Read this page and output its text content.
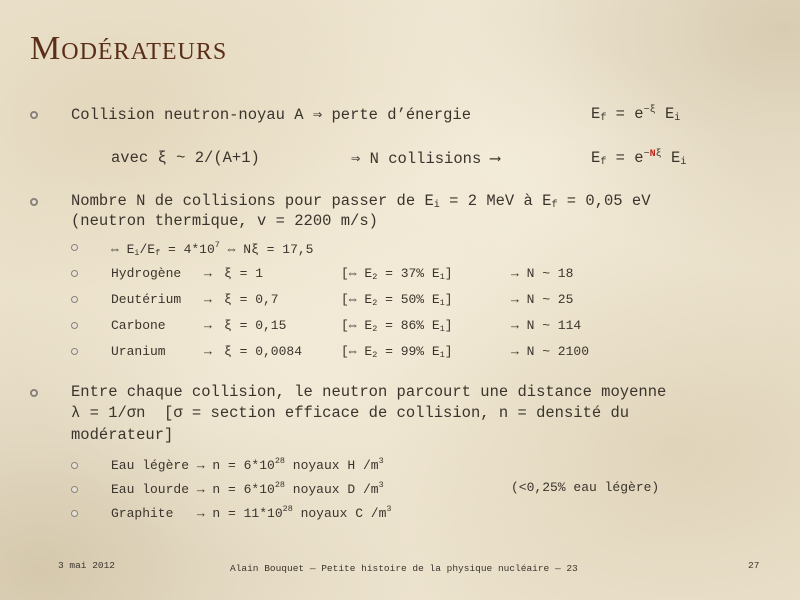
Modérateurs
Collision neutron-noyau A ⇒ perte d’énergie	$E_f = e^{-\xi}$ $E_i$
avec ξ ~ 2/(A+1)	⇒ N collisions ⟶	$E_f = e^{-N\xi}$ $E_i$
Nombre N de collisions pour passer de $E_i = 2$ MeV à $E_f = 0,05$ eV
(neutron thermique, v = 2200 m/s)
⇔ $E_i/E_f = 4*10^7$ ⇔ Nξ = 17,5
Hydrogène → ξ = 1	[⇔ $E_2 = 37\%$ $E_1$]	→ N ~ 18
Deutérium → ξ = 0,7	[⇔ $E_2 = 50\%$ $E_1$]	→ N ~ 25
Carbone	→ ξ = 0,15	[⇔ $E_2 = 86\%$ $E_1$]	→ N ~ 114
Uranium	→ ξ = 0,0084	[⇔ $E_2 = 99\%$ $E_1$]	→ N ~ 2100
Entre chaque collision, le neutron parcourt une distance moyenne
λ = 1/σn  [σ = section efficace de collision, n = densité du
modérateur]
Eau légère → $n = 6*10^{28}$ noyaux H $/m^3$
Eau lourde → $n = 6*10^{28}$ noyaux D $/m^3$	(<0,25% eau légère)
Graphite   → $n = 11*10^{28}$ noyaux C $/m^3$
3 mai 2012	Alain Bouquet — Petite histoire de la physique nucléaire — 23	27
